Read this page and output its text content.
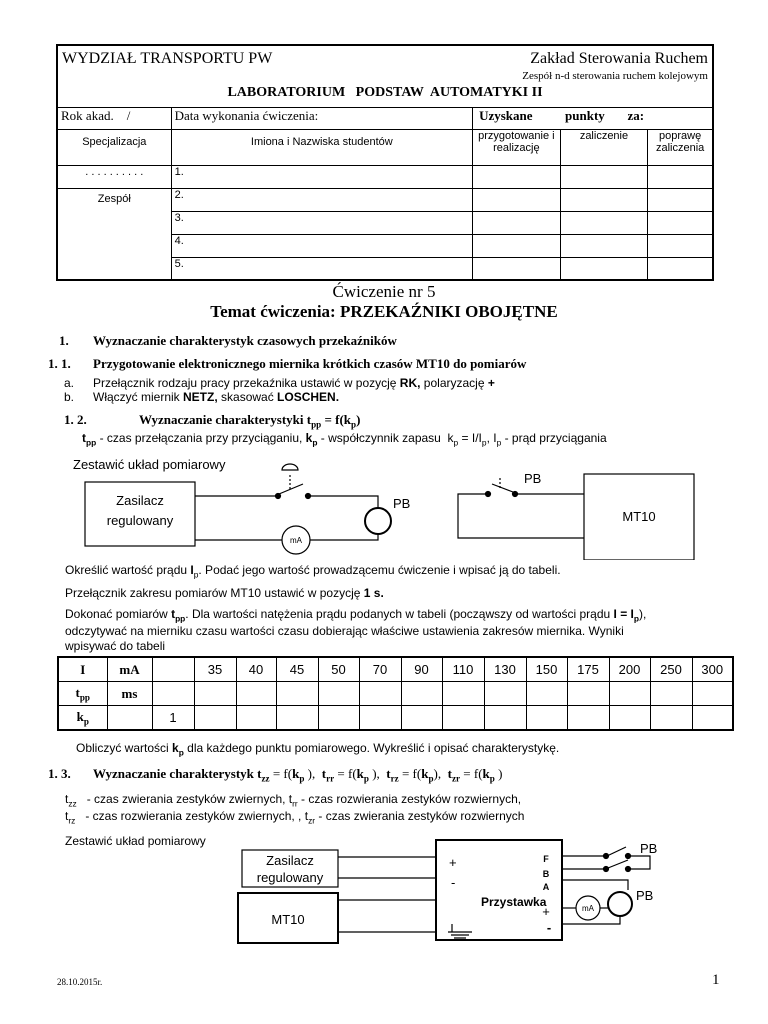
WYDZIAŁ TRANSPORTU PW Zakład Sterowania Ruchem
Zespół n-d sterowania ruchem kolejowym
LABORATORIUM   PODSTAW  AUTOMATYKI II				

Rok akad.    /	Data wykonania ćwiczenia:	Uzyskane          punkty       za:		
Specjalizacja	Imiona i Nazwiska studentów	przygotowanie i realizację	zaliczenie	poprawę zaliczenia
. . . . . . . . . .	1.			
Zespół	2.			
	3.			
	4.			
	5.			
Ćwiczenie nr 5
Temat ćwiczenia: PRZEKAŹNIKI OBOJĘTNE
1. Wyznaczanie charakterystyk czasowych przekaźników
1. 1. Przygotowanie elektronicznego miernika krótkich czasów MT10 do pomiarów
a. Przełącznik rodzaju pracy przekaźnika ustawić w pozycję RK, polaryzację +
b. Włączyć miernik NETZ, skasować LOSCHEN.
1. 2.	Wyznaczanie charakterystyki $t_{pp} = f(k_p)$
$t_{pp}$ - czas przełączania przy przyciąganiu, $k_p$ - współczynnik zapasu  $k_p = I/I_p$, $I_p$ - prąd przyciągania
Zestawić układ pomiarowy
Zasilacz
regulowany
mA
PB
PB
MT10
Określić wartość prądu $I_p$. Podać jego wartość prowadzącemu ćwiczenie i wpisać ją do tabeli.
Przełącznik zakresu pomiarów MT10 ustawić w pozycję 1 s.
Dokonać pomiarów $t_{pp}$. Dla wartości natężenia prądu podanych w tabeli (począwszy od wartości prądu $I = I_p$),
odczytywać na mierniku czasu wartości czasu dobierając właściwe ustawienia zakresów miernika. Wyniki
wpisywać do tabeli
I	mA		35	40	45	50	70	90	110	130	150	175	200	250	300
$t_{pp}$	ms														
$k_p$		1													
Obliczyć wartości $k_p$ dla każdego punktu pomiarowego. Wykreślić i opisać charakterystykę.
1. 3. Wyznaczanie charakterystyk $t_{zz} = f(k_p$ ),  $t_{rr} = f(k_p$ ),  $t_{rz} = f(k_p)$,  $t_{zr} = f(k_p$ )
$t_{zz}$   - czas zwierania zestyków zwiernych, $t_{rr}$ - czas rozwierania zestyków rozwiernych,
$t_{rz}$   - czas rozwierania zestyków zwiernych, , $t_{zr}$ - czas zwierania zestyków rozwiernych
Zestawić układ pomiarowy
Zasilacz
regulowany
MT10
+
-
Przystawka
F
B
A
+
-
PB
PB
mA
28.10.2015r.	1
